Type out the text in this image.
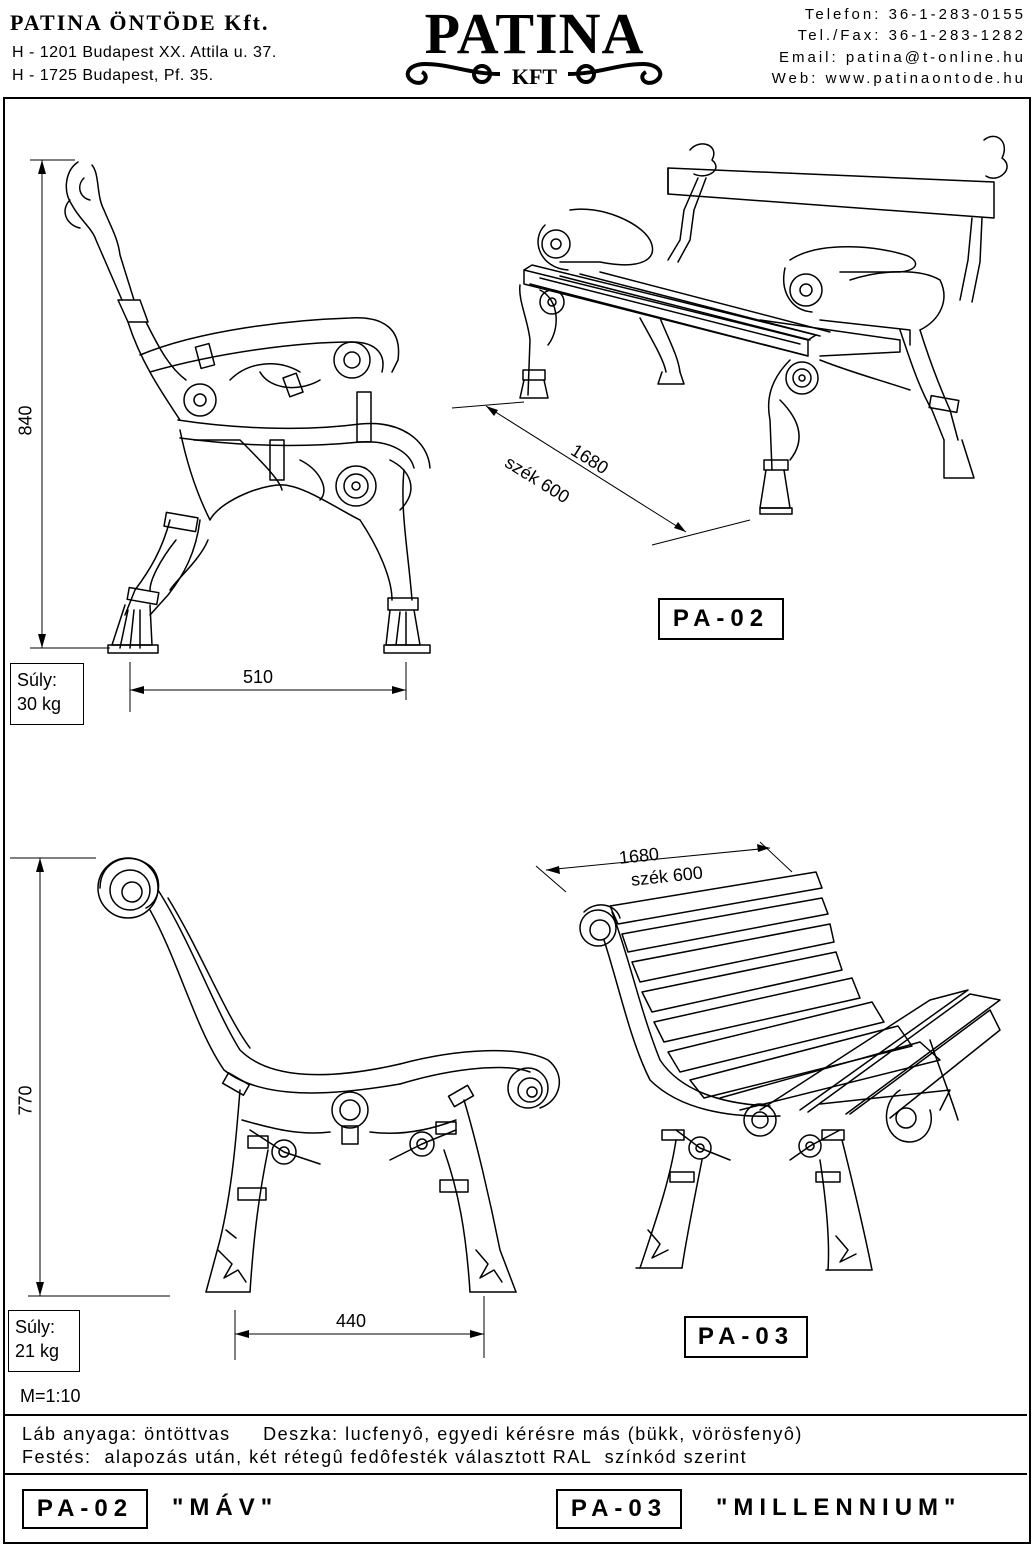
PATINA ÖNTÖDE Kft.
H - 1201 Budapest XX. Attila u. 37.
H - 1725 Budapest, Pf. 35.
PATINA
KFT
Telefon: 36-1-283-0155
Tel./Fax: 36-1-283-1282
Email: patina@t-online.hu
Web: www.patinaontode.hu
840
510
1680
szék 600
770
440
1680
szék 600
Súly:
30 kg
Súly:
21 kg
PA-02
PA-03
M=1:10
Láb anyaga: öntöttvas     Deszka: lucfenyô, egyedi kérésre más (bükk, vörösfenyô)
Festés:  alapozás után, két rétegû fedôfesték választott RAL  színkód szerint
PA-02	"MÁV"	PA-03	"MILLENNIUM"
